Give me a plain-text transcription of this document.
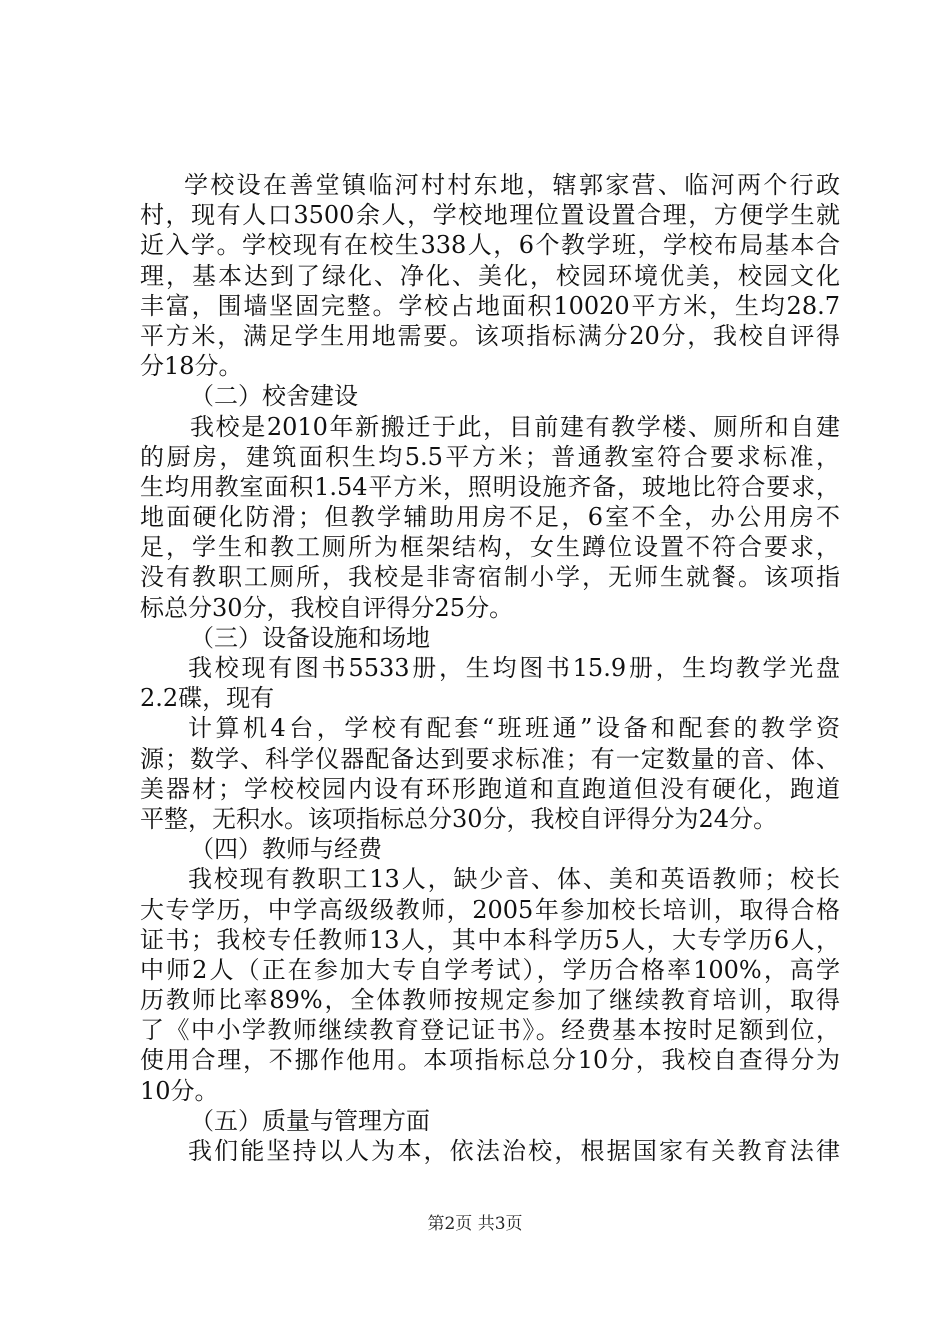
学校设在善堂镇临河村村东地，辖郭家营、临河两个行政
村，现有人口3500余人，学校地理位置设置合理，方便学生就
近入学。学校现有在校生338人，6个教学班，学校布局基本合
理，基本达到了绿化、净化、美化，校园环境优美，校园文化
丰富，围墙坚固完整。学校占地面积10020平方米，生均28.7
平方米，满足学生用地需要。该项指标满分20分，我校自评得
分18分。
（二）校舍建设
我校是2010年新搬迁于此，目前建有教学楼、厕所和自建
的厨房，建筑面积生均5.5平方米；普通教室符合要求标准，
生均用教室面积1.54平方米，照明设施齐备，玻地比符合要求，
地面硬化防滑；但教学辅助用房不足，6室不全，办公用房不
足，学生和教工厕所为框架结构，女生蹲位设置不符合要求，
没有教职工厕所，我校是非寄宿制小学，无师生就餐。该项指
标总分30分，我校自评得分25分。
（三）设备设施和场地
我校现有图书5533册，生均图书15.9册，生均教学光盘
2.2碟，现有
计算机4台，学校有配套“班班通”设备和配套的教学资
源；数学、科学仪器配备达到要求标准；有一定数量的音、体、
美器材；学校校园内设有环形跑道和直跑道但没有硬化，跑道
平整，无积水。该项指标总分30分，我校自评得分为24分。
（四）教师与经费
我校现有教职工13人，缺少音、体、美和英语教师；校长
大专学历，中学高级级教师，2005年参加校长培训，取得合格
证书；我校专任教师13人，其中本科学历5人，大专学历6人，
中师2人（正在参加大专自学考试），学历合格率100%，高学
历教师比率89%，全体教师按规定参加了继续教育培训，取得
了《中小学教师继续教育登记证书》。经费基本按时足额到位，
使用合理，不挪作他用。本项指标总分10分，我校自查得分为
10分。
（五）质量与管理方面
我们能坚持以人为本，依法治校，根据国家有关教育法律
第2页 共3页
